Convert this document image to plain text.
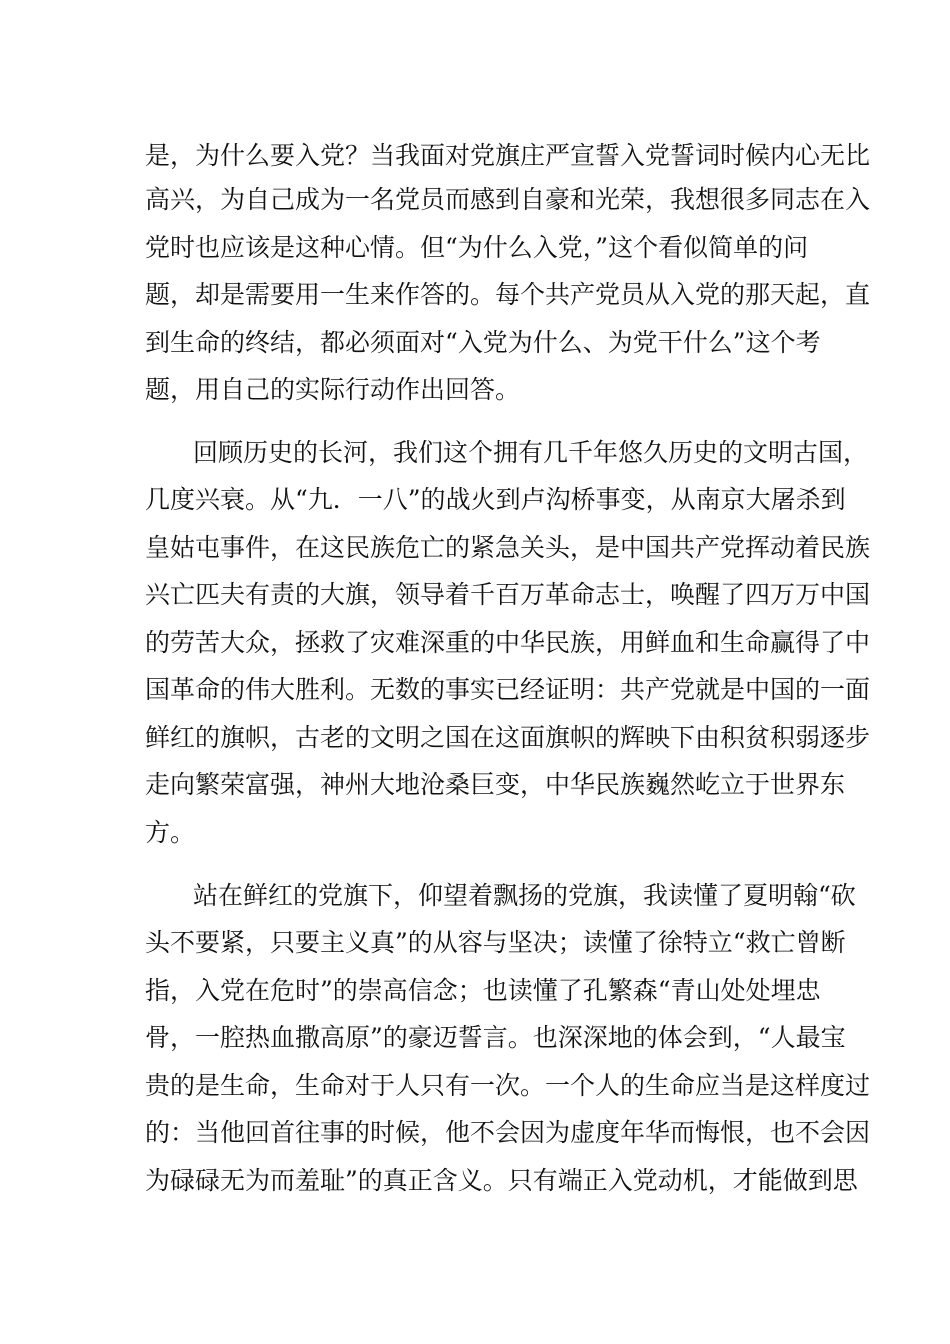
是，为什么要入党？当我面对党旗庄严宣誓入党誓词时候内心无比
高兴，为自己成为一名党员而感到自豪和光荣，我想很多同志在入
党时也应该是这种心情。但“为什么入党，”这个看似简单的问
题，却是需要用一生来作答的。每个共产党员从入党的那天起，直
到生命的终结，都必须面对“入党为什么、为党干什么”这个考
题，用自己的实际行动作出回答。
回顾历史的长河，我们这个拥有几千年悠久历史的文明古国，
几度兴衰。从“九．一八”的战火到卢沟桥事变，从南京大屠杀到
皇姑屯事件，在这民族危亡的紧急关头，是中国共产党挥动着民族
兴亡匹夫有责的大旗，领导着千百万革命志士，唤醒了四万万中国
的劳苦大众，拯救了灾难深重的中华民族，用鲜血和生命赢得了中
国革命的伟大胜利。无数的事实已经证明：共产党就是中国的一面
鲜红的旗帜，古老的文明之国在这面旗帜的辉映下由积贫积弱逐步
走向繁荣富强，神州大地沧桑巨变，中华民族巍然屹立于世界东
方。
站在鲜红的党旗下，仰望着飘扬的党旗，我读懂了夏明翰“砍
头不要紧，只要主义真”的从容与坚决；读懂了徐特立“救亡曾断
指，入党在危时”的崇高信念；也读懂了孔繁森“青山处处埋忠
骨，一腔热血撒高原”的豪迈誓言。也深深地的体会到，“人最宝
贵的是生命，生命对于人只有一次。一个人的生命应当是这样度过
的：当他回首往事的时候，他不会因为虚度年华而悔恨，也不会因
为碌碌无为而羞耻”的真正含义。只有端正入党动机，才能做到思
